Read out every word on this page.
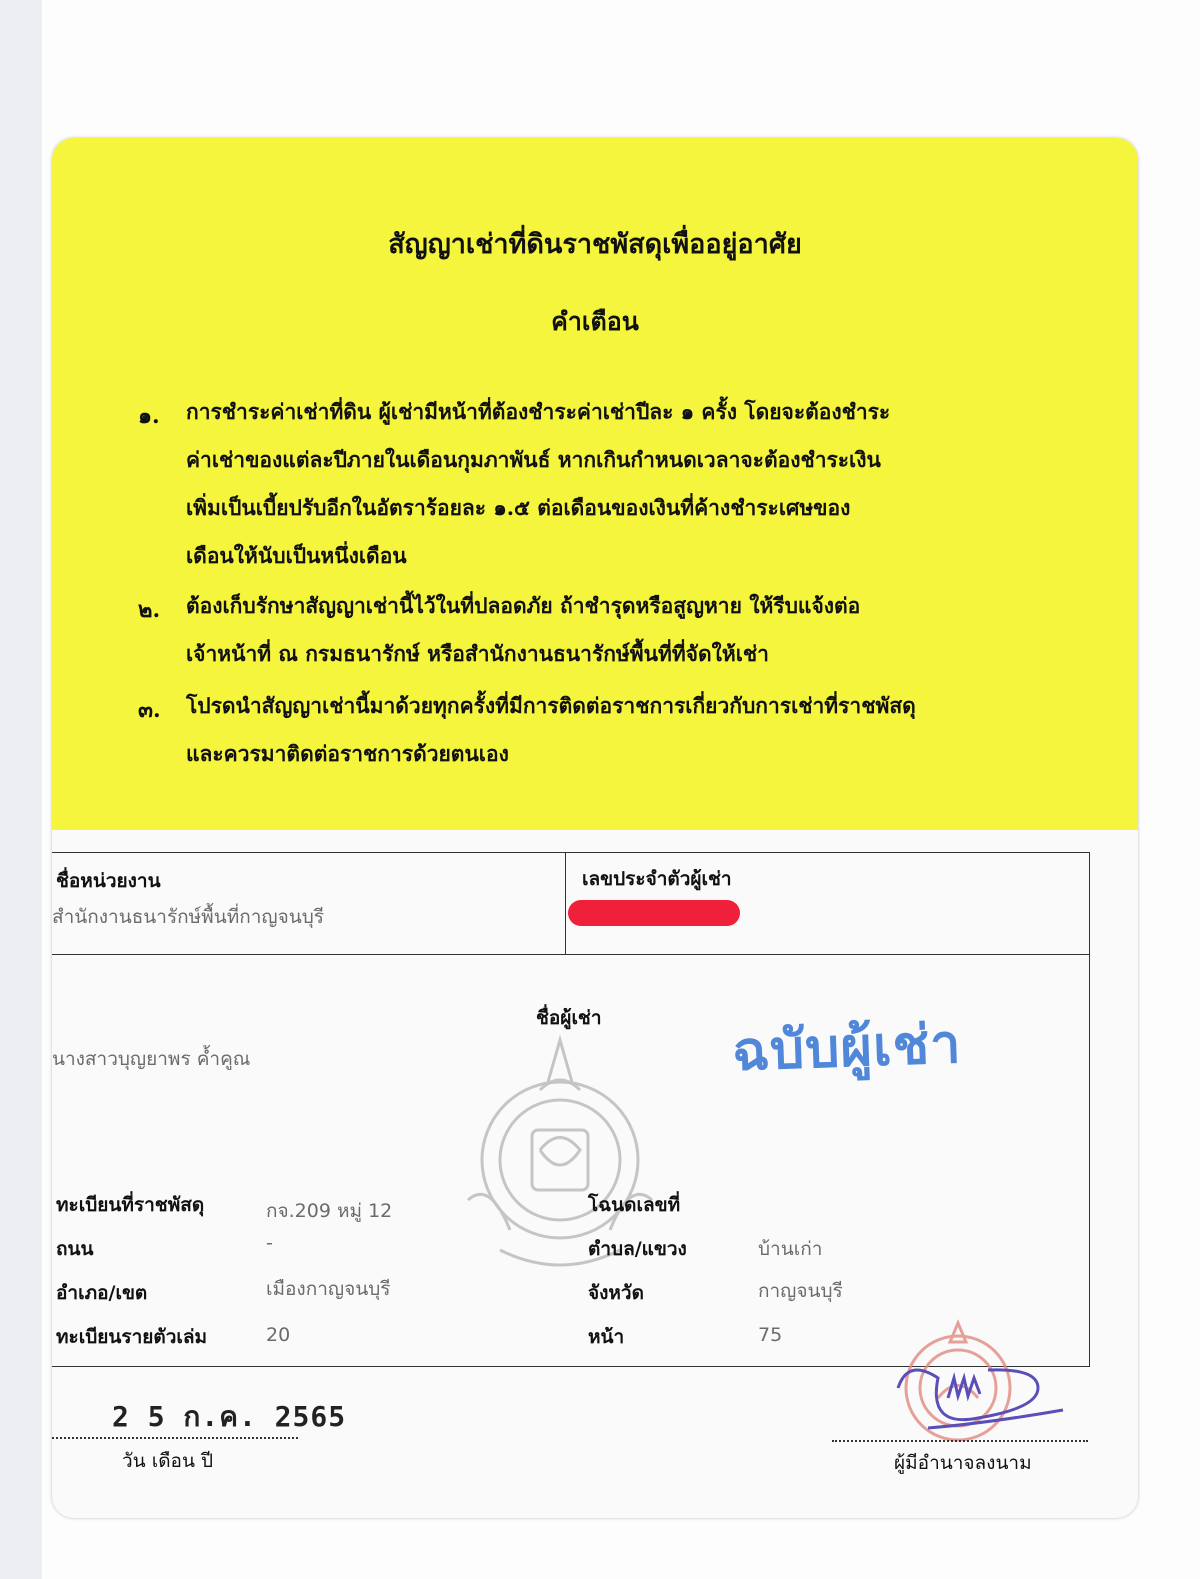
สัญญาเช่าที่ดินราชพัสดุเพื่ออยู่อาศัย
คำเตือน
๑. การชำระค่าเช่าที่ดิน ผู้เช่ามีหน้าที่ต้องชำระค่าเช่าปีละ ๑ ครั้ง โดยจะต้องชำระ
ค่าเช่าของแต่ละปีภายในเดือนกุมภาพันธ์ หากเกินกำหนดเวลาจะต้องชำระเงิน
เพิ่มเป็นเบี้ยปรับอีกในอัตราร้อยละ ๑.๕ ต่อเดือนของเงินที่ค้างชำระเศษของ
เดือนให้นับเป็นหนึ่งเดือน
๒. ต้องเก็บรักษาสัญญาเช่านี้ไว้ในที่ปลอดภัย ถ้าชำรุดหรือสูญหาย ให้รีบแจ้งต่อ
เจ้าหน้าที่ ณ กรมธนารักษ์ หรือสำนักงานธนารักษ์พื้นที่ที่จัดให้เช่า
๓. โปรดนำสัญญาเช่านี้มาด้วยทุกครั้งที่มีการติดต่อราชการเกี่ยวกับการเช่าที่ราชพัสดุ
และควรมาติดต่อราชการด้วยตนเอง
ชื่อหน่วยงาน
สำนักงานธนารักษ์พื้นที่กาญจนบุรี
เลขประจำตัวผู้เช่า
ชื่อผู้เช่า
นางสาวบุญยาพร ค้ำคูณ	ฉบับผู้เช่า
ทะเบียนที่ราชพัสดุ	กจ.209 หมู่ 12	โฉนดเลขที่
ถนน	-	ตำบล/แขวง	บ้านเก่า
อำเภอ/เขต	เมืองกาญจนบุรี	จังหวัด	กาญจนบุรี
ทะเบียนรายตัวเล่ม	20	หน้า	75
2 5 ก.ค. 2565
วัน เดือน ปี	ผู้มีอำนาจลงนาม
